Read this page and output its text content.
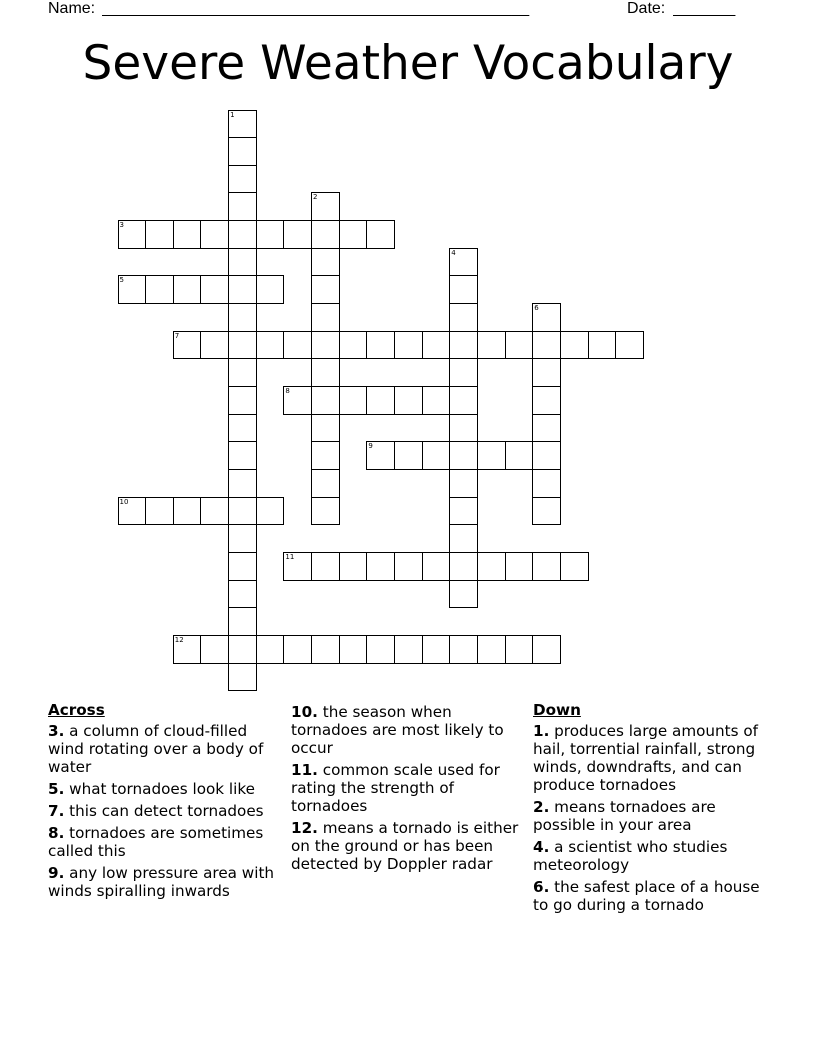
Name: ________________________________________________	Date: _______
Severe Weather Vocabulary
1
2
3
4
5
6
7
8
9
10
11
12
Across
3. a column of cloud-filled wind rotating over a body of water
5. what tornadoes look like
7. this can detect tornadoes
8. tornadoes are sometimes called this
9. any low pressure area with winds spiralling inwards
10. the season when tornadoes are most likely to occur
11. common scale used for rating the strength of tornadoes
12. means a tornado is either on the ground or has been detected by Doppler radar
Down
1. produces large amounts of hail, torrential rainfall, strong winds, downdrafts, and can produce tornadoes
2. means tornadoes are possible in your area
4. a scientist who studies meteorology
6. the safest place of a house to go during a tornado
